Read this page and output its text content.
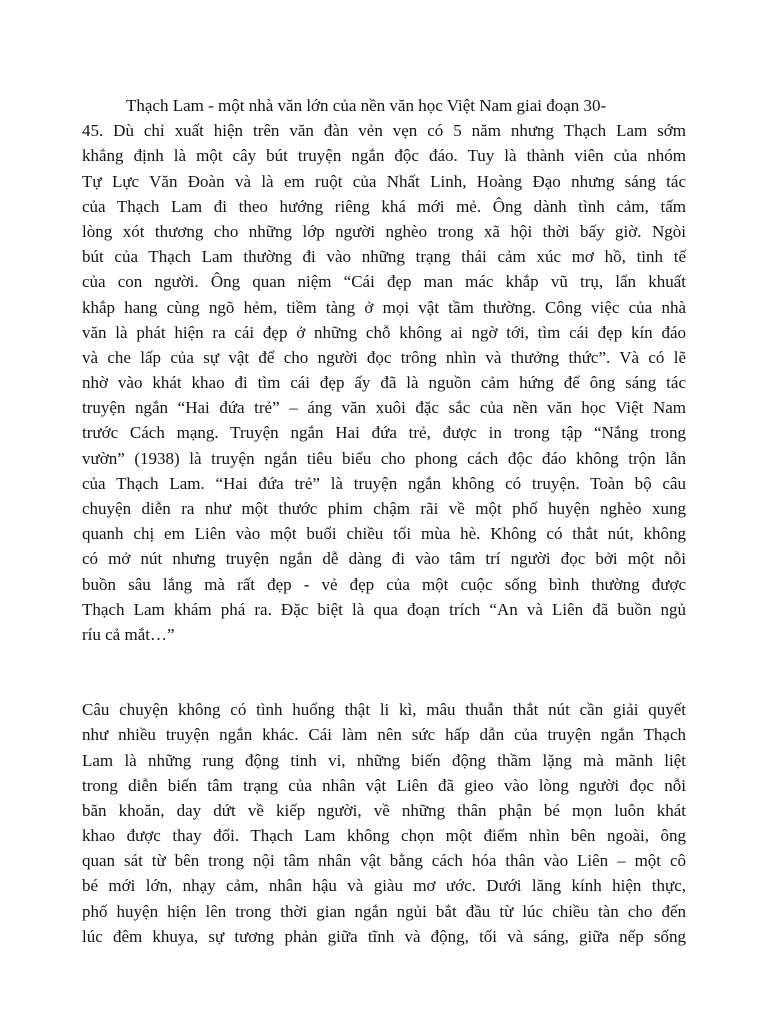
Thạch Lam - một nhà văn lớn của nền văn học Việt Nam giai đoạn 30-
45. Dù chỉ xuất hiện trên văn đàn vẻn vẹn có 5 năm nhưng Thạch Lam sớm
khẳng định là một cây bút truyện ngắn độc đáo. Tuy là thành viên của nhóm
Tự Lực Văn Đoàn và là em ruột của Nhất Linh, Hoàng Đạo nhưng sáng tác
của Thạch Lam đi theo hướng riêng khá mới mẻ. Ông dành tình cảm, tấm
lòng xót thương cho những lớp người nghèo trong xã hội thời bấy giờ. Ngòi
bút của Thạch Lam thường đi vào những trạng thái cảm xúc mơ hồ, tinh tế
của con người. Ông quan niệm “Cái đẹp man mác khắp vũ trụ, lẩn khuất
khắp hang cùng ngõ hẻm, tiềm tàng ở mọi vật tầm thường. Công việc của nhà
văn là phát hiện ra cái đẹp ở những chỗ không ai ngờ tới, tìm cái đẹp kín đáo
và che lấp của sự vật để cho người đọc trông nhìn và thưởng thức”. Và có lẽ
nhờ vào khát khao đi tìm cái đẹp ấy đã là nguồn cảm hứng để ông sáng tác
truyện ngắn “Hai đứa trẻ” – áng văn xuôi đặc sắc của nền văn học Việt Nam
trước Cách mạng. Truyện ngắn Hai đứa trẻ, được in trong tập “Nắng trong
vườn” (1938) là truyện ngắn tiêu biểu cho phong cách độc đáo không trộn lẫn
của Thạch Lam. “Hai đứa trẻ” là truyện ngắn không có truyện. Toàn bộ câu
chuyện diễn ra như một thước phim chậm rãi về một phố huyện nghèo xung
quanh chị em Liên vào một buổi chiều tối mùa hè. Không có thắt nút, không
có mở nút nhưng truyện ngắn dễ dàng đi vào tâm trí người đọc bởi một nỗi
buồn sâu lắng mà rất đẹp - vẻ đẹp của một cuộc sống bình thường được
Thạch Lam khám phá ra. Đặc biệt là qua đoạn trích “An và Liên đã buồn ngủ
ríu cả mắt…”
Câu chuyện không có tình huống thật li kì, mâu thuẫn thắt nút cần giải quyết
như nhiều truyện ngắn khác. Cái làm nên sức hấp dẫn của truyện ngắn Thạch
Lam là những rung động tinh vi, những biến động thầm lặng mà mãnh liệt
trong diễn biến tâm trạng của nhân vật Liên đã gieo vào lòng người đọc nỗi
băn khoăn, day dứt về kiếp người, về những thân phận bé mọn luôn khát
khao được thay đổi. Thạch Lam không chọn một điểm nhìn bên ngoài, ông
quan sát từ bên trong nội tâm nhân vật bằng cách hóa thân vào Liên – một cô
bé mới lớn, nhạy cảm, nhân hậu và giàu mơ ước. Dưới lăng kính hiện thực,
phố huyện hiện lên trong thời gian ngắn ngủi bắt đầu từ lúc chiều tàn cho đến
lúc đêm khuya, sự tương phản giữa tĩnh và động, tối và sáng, giữa nếp sống
